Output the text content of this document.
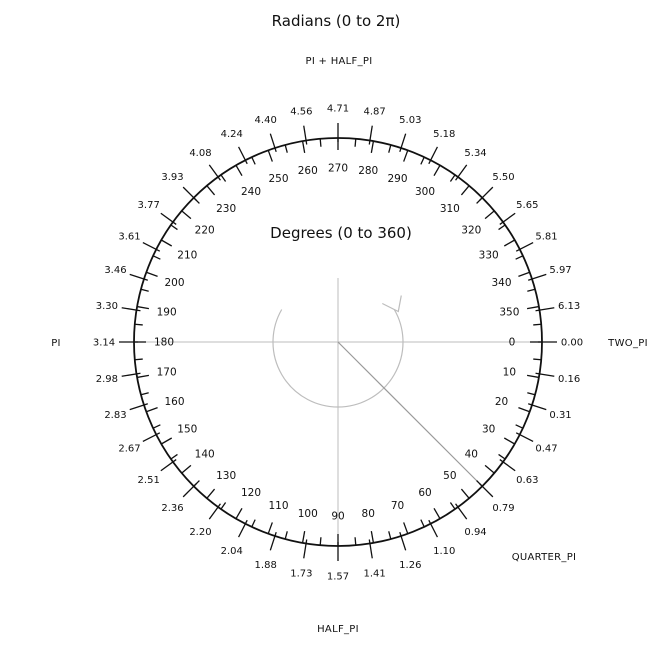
0.00
0.16
0.31
0.47
0.63
0.79
0.94
1.10
1.26
1.41
1.57
1.73
1.88
2.04
2.20
2.36
2.51
2.67
2.83
2.98
3.14
3.30
3.46
3.61
3.77
3.93
4.08
4.24
4.40
4.56 4.71 4.87
5.03
5.18
5.34
5.50
5.65
5.81
5.97
6.13
0
10
20
30
40
50
60
70
80
90
100
110
120
130
140
150
160
170
180
190
200
210
220
230
240
250
260 270 280
290
300
310
320
330
340
350
Radians (0 to 2π)
Degrees (0 to 360)
PI + HALF_PI
PI	TWO_PI
HALF_PI
QUARTER_PI
